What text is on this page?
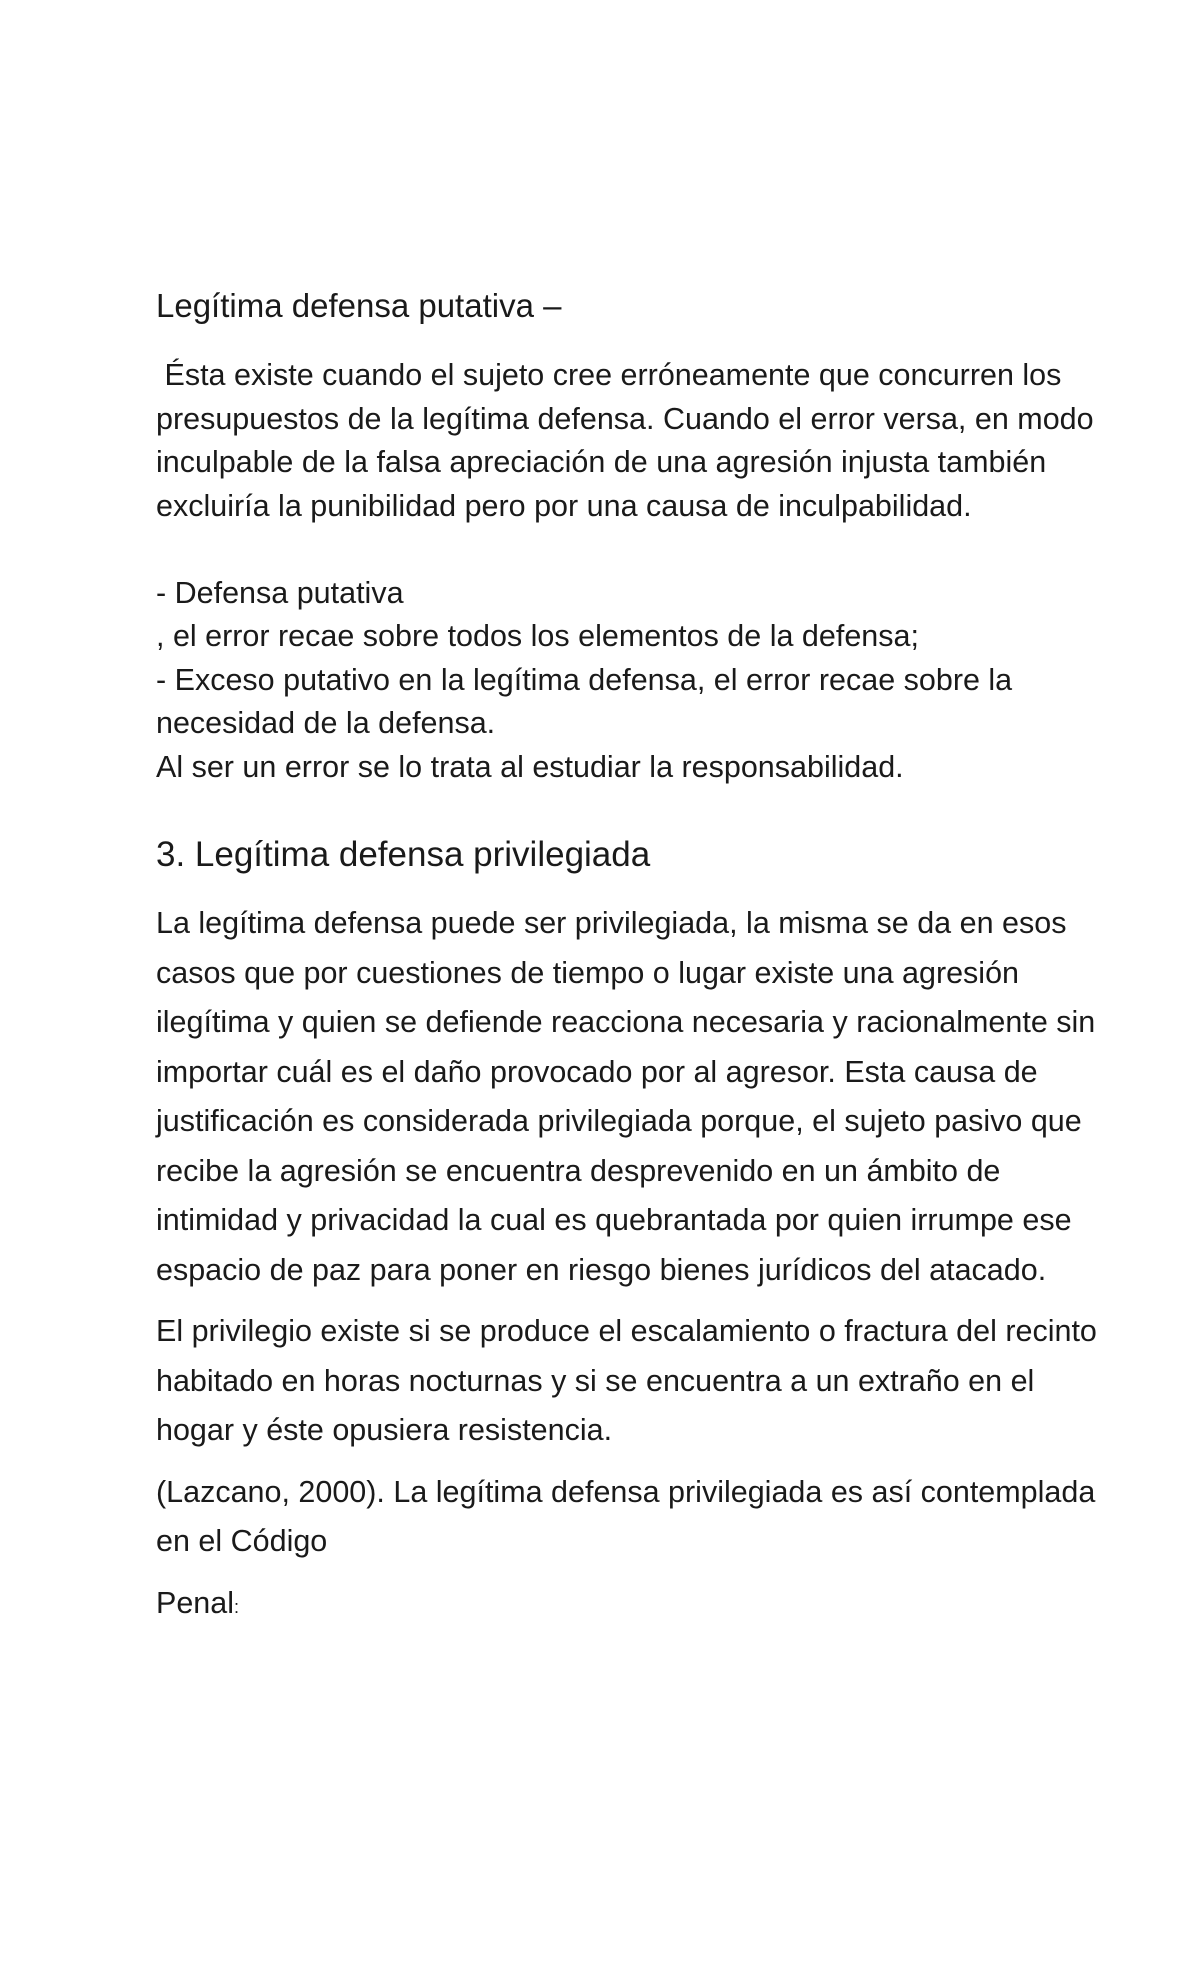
Legítima defensa putativa –
Ésta existe cuando el sujeto cree erróneamente que concurren los
presupuestos de la legítima defensa. Cuando el error versa, en modo
inculpable de la falsa apreciación de una agresión injusta también
excluiría la punibilidad pero por una causa de inculpabilidad.
- Defensa putativa
, el error recae sobre todos los elementos de la defensa;
- Exceso putativo en la legítima defensa, el error recae sobre la
necesidad de la defensa.
Al ser un error se lo trata al estudiar la responsabilidad.
3. Legítima defensa privilegiada
La legítima defensa puede ser privilegiada, la misma se da en esos
casos que por cuestiones de tiempo o lugar existe una agresión
ilegítima y quien se defiende reacciona necesaria y racionalmente sin
importar cuál es el daño provocado por al agresor. Esta causa de
justificación es considerada privilegiada porque, el sujeto pasivo que
recibe la agresión se encuentra desprevenido en un ámbito de
intimidad y privacidad la cual es quebrantada por quien irrumpe ese
espacio de paz para poner en riesgo bienes jurídicos del atacado.
El privilegio existe si se produce el escalamiento o fractura del recinto
habitado en horas nocturnas y si se encuentra a un extraño en el
hogar y éste opusiera resistencia.
(Lazcano, 2000). La legítima defensa privilegiada es así contemplada
en el Código
Penal:
